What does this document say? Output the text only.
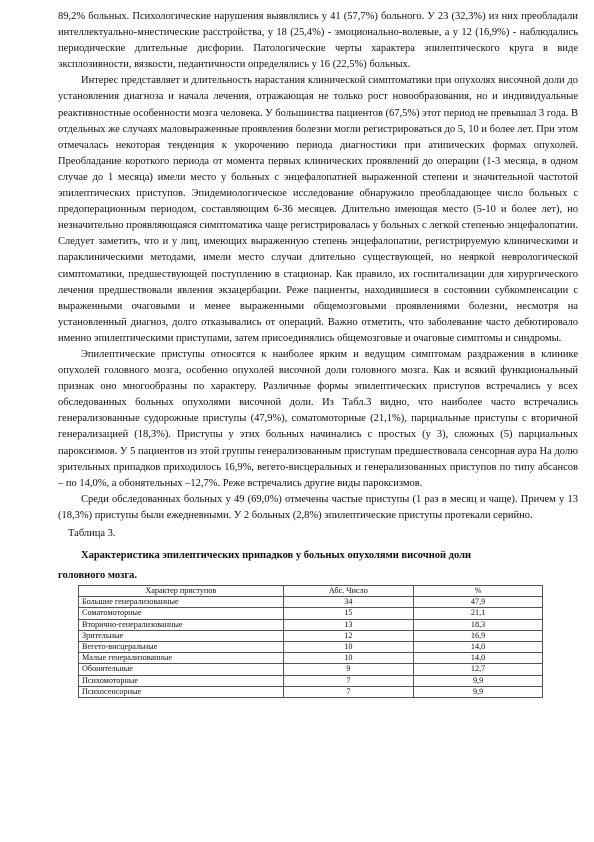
89,2% больных. Психологические нарушения выявлялись у 41 (57,7%) больного. У 23 (32,3%) из них преобладали интеллектуально-мнестические расстройства, у 18 (25,4%) - эмоционально-волевые, а у 12 (16,9%) - наблюдались периодические длительные дисфории. Патологические черты характера эпилептического круга в виде эксплозивности, вязкости, педантичности определялись у 16 (22,5%) больных.

Интерес представляет и длительность нарастания клинической симптоматики при опухолях височной доли до установления диагноза и начала лечения, отражающая не только рост новообразования, но и индивидуальные реактивностные особенности мозга человека. У большинства пациентов (67,5%) этот период не превышал 3 года. В отдельных же случаях маловыраженные проявления болезни могли регистрироваться до 5, 10 и более лет. При этом отмечалась некоторая тенденция к укорочению периода диагностики при атипических формах опухолей. Преобладание короткого периода от момента первых клинических проявлений до операции (1-3 месяца, в одном случае до 1 месяца) имели место у больных с энцефалопатией выраженной степени и значительной частотой эпилептических приступов. Эпидемиологическое исследование обнаружило преобладающее число больных с предоперационным периодом, составляющим 6-36 месяцев. Длительно имеющая место (5-10 и более лет), но незначительно проявляющаяся симптоматика чаще регистрировалась у больных с легкой степенью энцефалопатии. Следует заметить, что и у лиц, имеющих выраженную степень энцефалопатии, регистрируемую клиническими и параклиническими методами, имели место случаи длительно существующей, но неяркой неврологической симптоматики, предшествующей поступлению в стационар. Как правило, их госпитализации для хирургического лечения предшествовали явления экзацербации. Реже пациенты, находившиеся в состоянии субкомпенсации с выраженными очаговыми и менее выраженными общемозговыми проявлениями болезни, несмотря на установленный диагноз, долго отказывались от операций. Важно отметить, что заболевание часто дебютировало именно эпилептическими приступами, затем присоединялись общемозговые и очаговые симптомы и синдромы.

Эпилептические приступы относятся к наиболее ярким и ведущим симптомам раздражения в клинике опухолей головного мозга, особенно опухолей височной доли головного мозга. Как и всякий функциональный признак оно многообразны по характеру. Различные формы эпилептических приступов встречались у всех обследованных больных опухолями височной доли. Из Табл.3 видно, что наиболее часто встречались генерализованные судорожные приступы (47,9%), соматомоторные (21,1%), парциальные приступы с вторичной генерализацией (18,3%). Приступы у этих больных начинались с простых (у 3), сложных (5) парциальных пароксизмов. У 5 пациентов из этой группы генерализованным приступам предшествовала сенсорная аура На долю зрительных припадков приходилось 16,9%, вегето-висцеральных и генерализованных приступов по типу абсансов – по 14,0%, а обонятельных –12,7%. Реже встречались другие виды пароксизмов.

Среди обследованных больных у 49 (69,0%) отмечены частые приступы (1 раз в месяц и чаще). Причем у 13 (18,3%) приступы были ежедневными. У 2 больных (2,8%) эпилептические приступы протекали серийно.

Таблица 3.
Характеристика эпилептических припадков у больных опухолями височной доли
головного мозга.
Характер приступов	Абс. Число	%
Большие генерализованные	34	47,9
Соматомоторные	15	21,1
Вторично-генерализованные	13	18,3
Зрительные	12	16,9
Вегето-висцеральные	10	14,0
Малые генерализованные	10	14,0
Обонятельные	9	12,7
Психомоторные	7	9,9
Психосенсорные	7	9,9
